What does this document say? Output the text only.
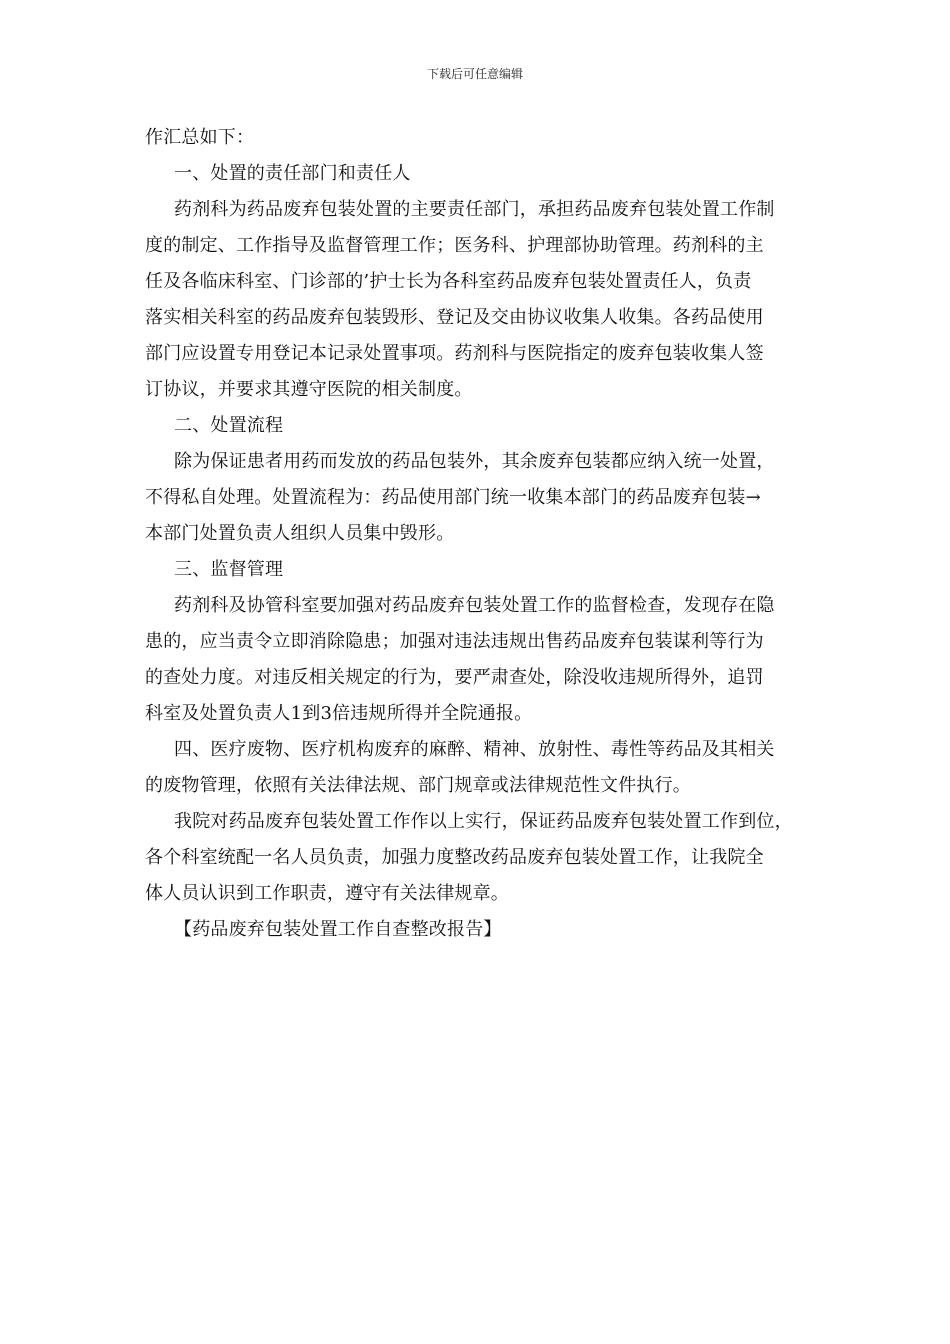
下载后可任意编辑
作汇总如下：
一、处置的责任部门和责任人
药剂科为药品废弃包装处置的主要责任部门，承担药品废弃包装处置工作制
度的制定、工作指导及监督管理工作；医务科、护理部协助管理。药剂科的主
任及各临床科室、门诊部的’护士长为各科室药品废弃包装处置责任人，负责
落实相关科室的药品废弃包装毁形、登记及交由协议收集人收集。各药品使用
部门应设置专用登记本记录处置事项。药剂科与医院指定的废弃包装收集人签
订协议，并要求其遵守医院的相关制度。
二、处置流程
除为保证患者用药而发放的药品包装外，其余废弃包装都应纳入统一处置，
不得私自处理。处置流程为：药品使用部门统一收集本部门的药品废弃包装→
本部门处置负责人组织人员集中毁形。
三、监督管理
药剂科及协管科室要加强对药品废弃包装处置工作的监督检查，发现存在隐
患的，应当责令立即消除隐患；加强对违法违规出售药品废弃包装谋利等行为
的查处力度。对违反相关规定的行为，要严肃查处，除没收违规所得外，追罚
科室及处置负责人1到3倍违规所得并全院通报。
四、医疗废物、医疗机构废弃的麻醉、精神、放射性、毒性等药品及其相关
的废物管理，依照有关法律法规、部门规章或法律规范性文件执行。
我院对药品废弃包装处置工作作以上实行，保证药品废弃包装处置工作到位，
各个科室统配一名人员负责，加强力度整改药品废弃包装处置工作，让我院全
体人员认识到工作职责，遵守有关法律规章。
【药品废弃包装处置工作自查整改报告】
